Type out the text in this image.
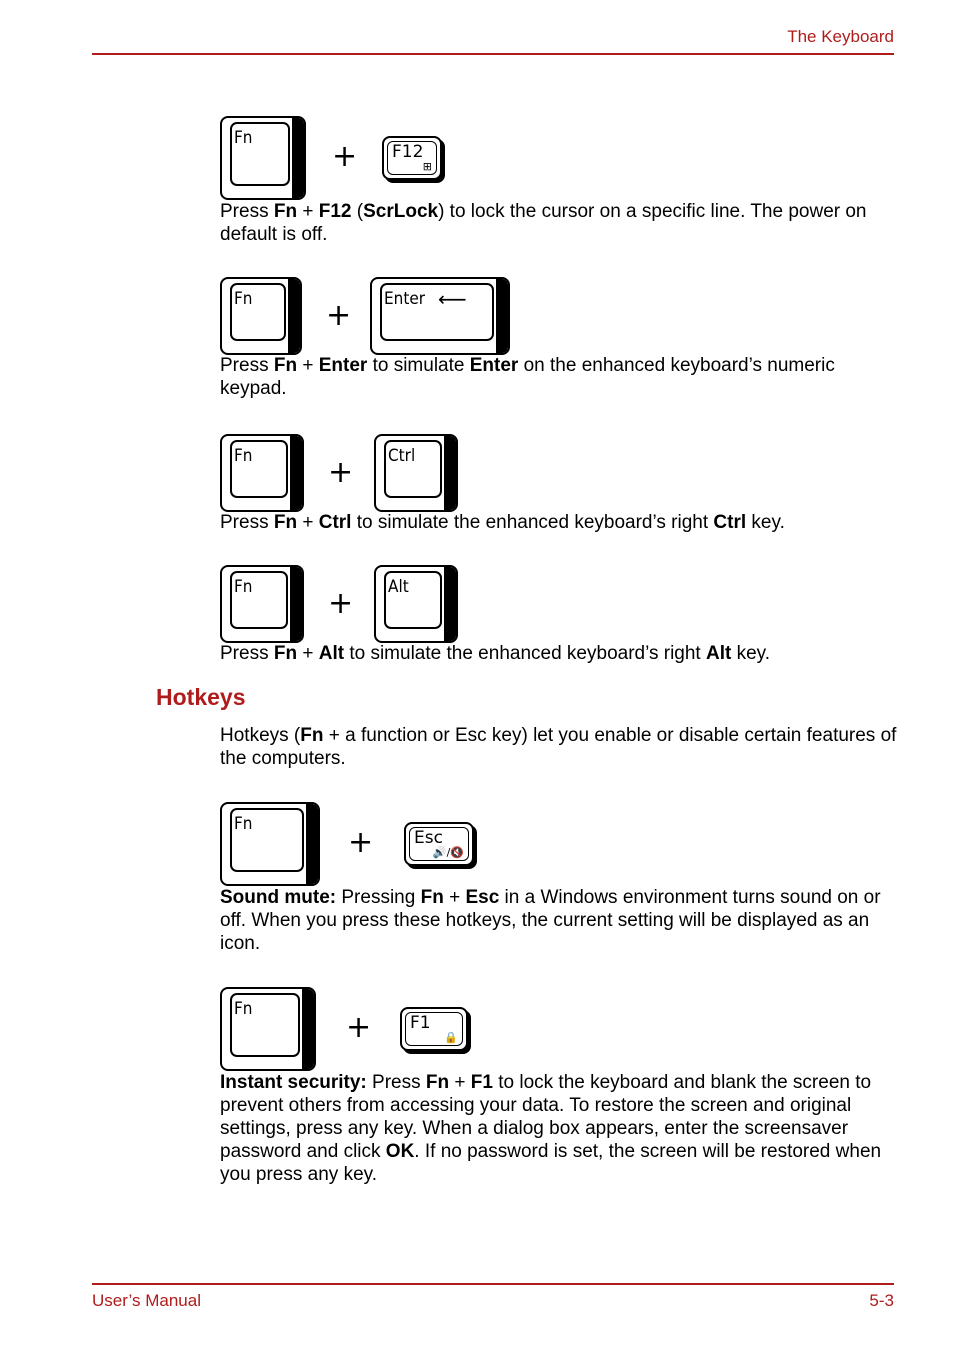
The Keyboard
Fn
+ F12
⊞
Press Fn + F12 (ScrLock) to lock the cursor on a specific line. The power on default is off.
Fn + Enter ⟵
Press Fn + Enter to simulate Enter on the enhanced keyboard’s numeric keypad.
Fn	+ Ctrl
Press Fn + Ctrl to simulate the enhanced keyboard’s right Ctrl key.
Fn	+ Alt
Press Fn + Alt to simulate the enhanced keyboard’s right Alt key.
Hotkeys
Hotkeys (Fn + a function or Esc key) let you enable or disable certain features of the computers.
Fn
+ Esc
🔊/🔇
Sound mute: Pressing Fn + Esc in a Windows environment turns sound on or off. When you press these hotkeys, the current setting will be displayed as an icon.
Fn
+ F1
🔒
Instant security: Press Fn + F1 to lock the keyboard and blank the screen to prevent others from accessing your data. To restore the screen and original settings, press any key. When a dialog box appears, enter the screensaver password and click OK. If no password is set, the screen will be restored when you press any key.
User’s Manual	5-3
